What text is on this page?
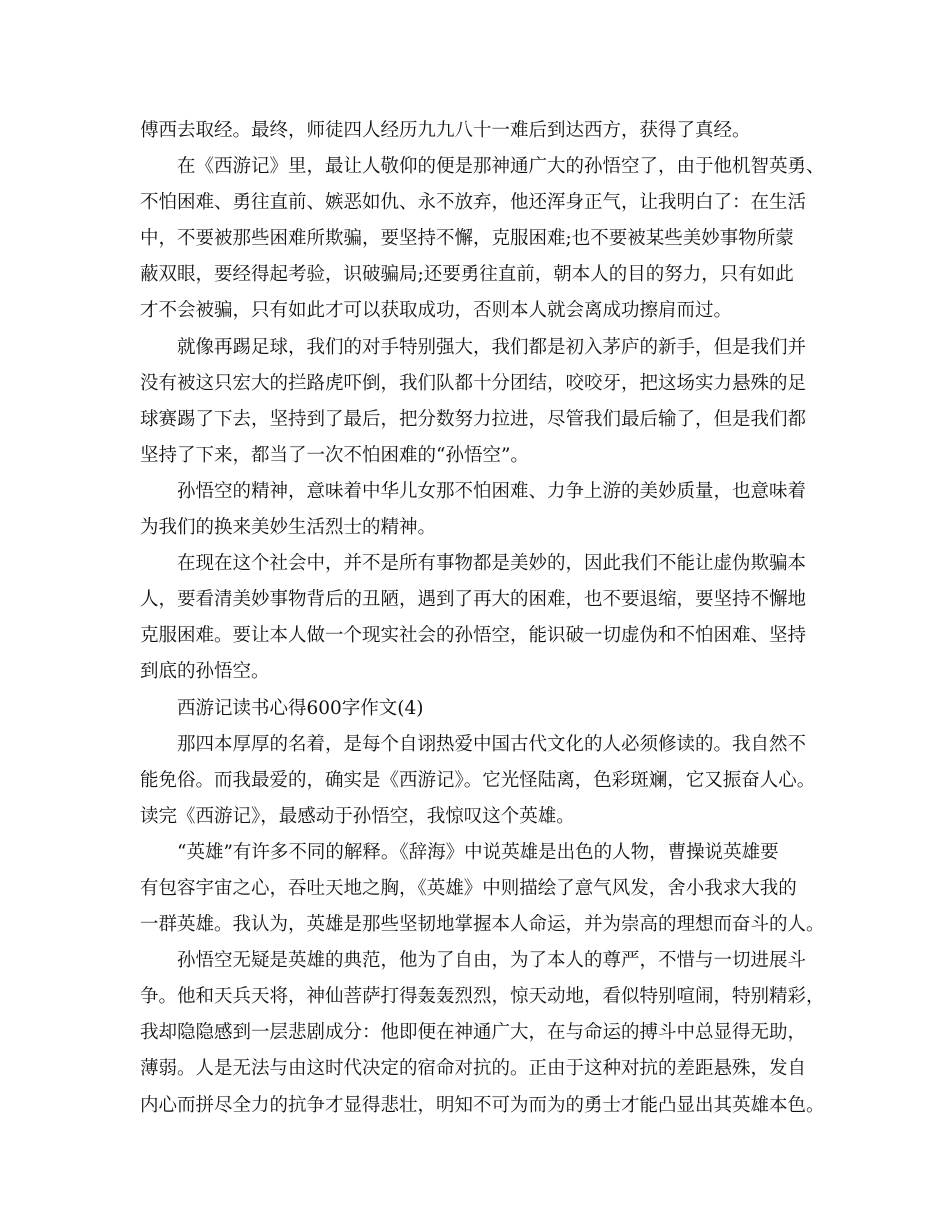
傅西去取经。最终，师徒四人经历九九八十一难后到达西方，获得了真经。
在《西游记》里，最让人敬仰的便是那神通广大的孙悟空了，由于他机智英勇、
不怕困难、勇往直前、嫉恶如仇、永不放弃，他还浑身正气，让我明白了：在生活
中，不要被那些困难所欺骗，要坚持不懈，克服困难;也不要被某些美妙事物所蒙
蔽双眼，要经得起考验，识破骗局;还要勇往直前，朝本人的目的努力，只有如此
才不会被骗，只有如此才可以获取成功，否则本人就会离成功擦肩而过。
就像再踢足球，我们的对手特别强大，我们都是初入茅庐的新手，但是我们并
没有被这只宏大的拦路虎吓倒，我们队都十分团结，咬咬牙，把这场实力悬殊的足
球赛踢了下去，坚持到了最后，把分数努力拉进，尽管我们最后输了，但是我们都
坚持了下来，都当了一次不怕困难的“孙悟空”。
孙悟空的精神，意味着中华儿女那不怕困难、力争上游的美妙质量，也意味着
为我们的换来美妙生活烈士的精神。
在现在这个社会中，并不是所有事物都是美妙的，因此我们不能让虚伪欺骗本
人，要看清美妙事物背后的丑陋，遇到了再大的困难，也不要退缩，要坚持不懈地
克服困难。要让本人做一个现实社会的孙悟空，能识破一切虚伪和不怕困难、坚持
到底的孙悟空。
西游记读书心得600字作文(4)
那四本厚厚的名着，是每个自诩热爱中国古代文化的人必须修读的。我自然不
能免俗。而我最爱的，确实是《西游记》。它光怪陆离，色彩斑斓，它又振奋人心。
读完《西游记》，最感动于孙悟空，我惊叹这个英雄。
“英雄”有许多不同的解释。《辞海》中说英雄是出色的人物，曹操说英雄要
有包容宇宙之心，吞吐天地之胸，《英雄》中则描绘了意气风发，舍小我求大我的
一群英雄。我认为，英雄是那些坚韧地掌握本人命运，并为崇高的理想而奋斗的人。
孙悟空无疑是英雄的典范，他为了自由，为了本人的尊严，不惜与一切进展斗
争。他和天兵天将，神仙菩萨打得轰轰烈烈，惊天动地，看似特别喧闹，特别精彩，
我却隐隐感到一层悲剧成分：他即便在神通广大，在与命运的搏斗中总显得无助，
薄弱。人是无法与由这时代决定的宿命对抗的。正由于这种对抗的差距悬殊，发自
内心而拼尽全力的抗争才显得悲壮，明知不可为而为的勇士才能凸显出其英雄本色。
